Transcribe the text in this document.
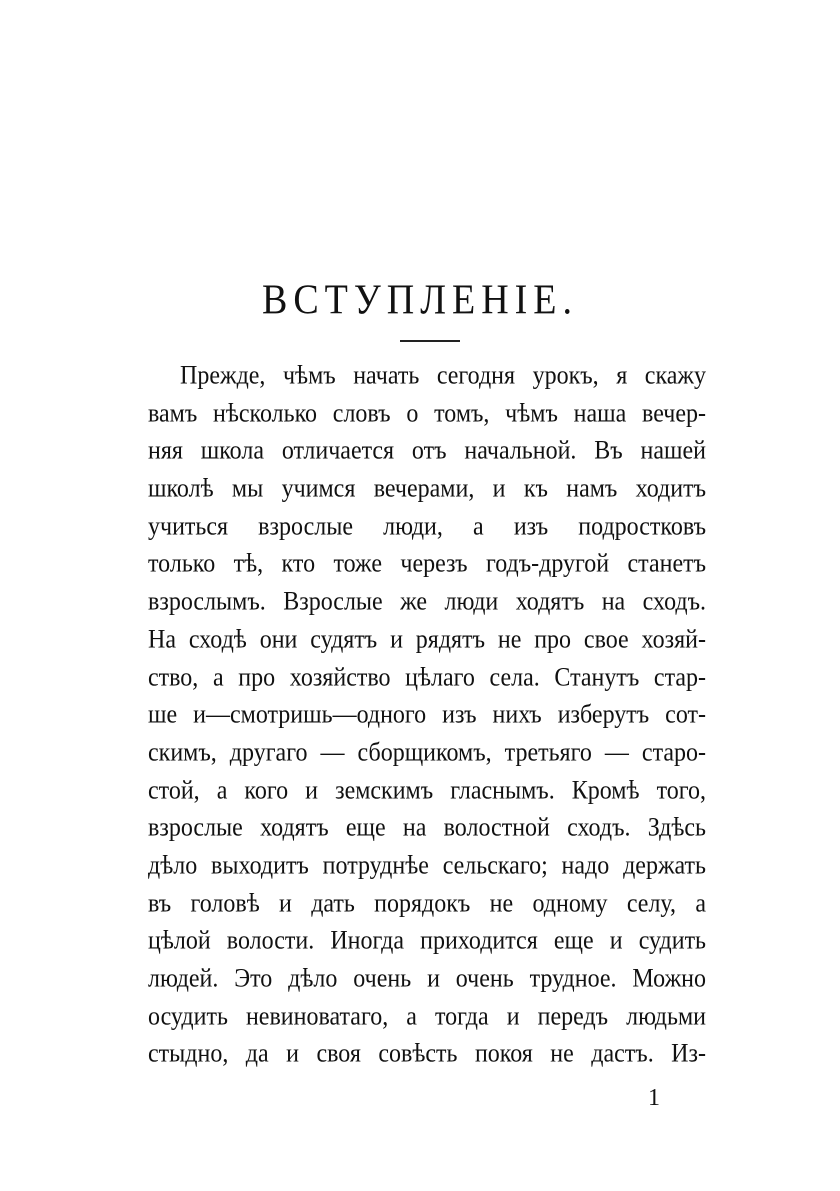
ВСТУПЛЕНІЕ.
Прежде, чѣмъ начать сегодня урокъ, я скажу
вамъ нѣсколько словъ о томъ, чѣмъ наша вечер-
няя школа отличается отъ начальной. Въ нашей
школѣ мы учимся вечерами, и къ намъ ходитъ
учиться взрослые люди, а изъ подростковъ
только тѣ, кто тоже черезъ годъ-другой станетъ
взрослымъ. Взрослые же люди ходятъ на сходъ.
На сходѣ они судятъ и рядятъ не про свое хозяй-
ство, а про хозяйство цѣлаго села. Станутъ стар-
ше и—смотришь—одного изъ нихъ изберутъ сот-
скимъ, другаго — сборщикомъ, третьяго — старо-
стой, а кого и земскимъ гласнымъ. Кромѣ того,
взрослые ходятъ еще на волостной сходъ. Здѣсь
дѣло выходитъ потруднѣе сельскаго; надо держать
въ головѣ и дать порядокъ не одному селу, а
цѣлой волости. Иногда приходится еще и судить
людей. Это дѣло очень и очень трудное. Можно
осудить невиноватаго, а тогда и передъ людьми
стыдно, да и своя совѣсть покоя не дастъ. Из-
1
